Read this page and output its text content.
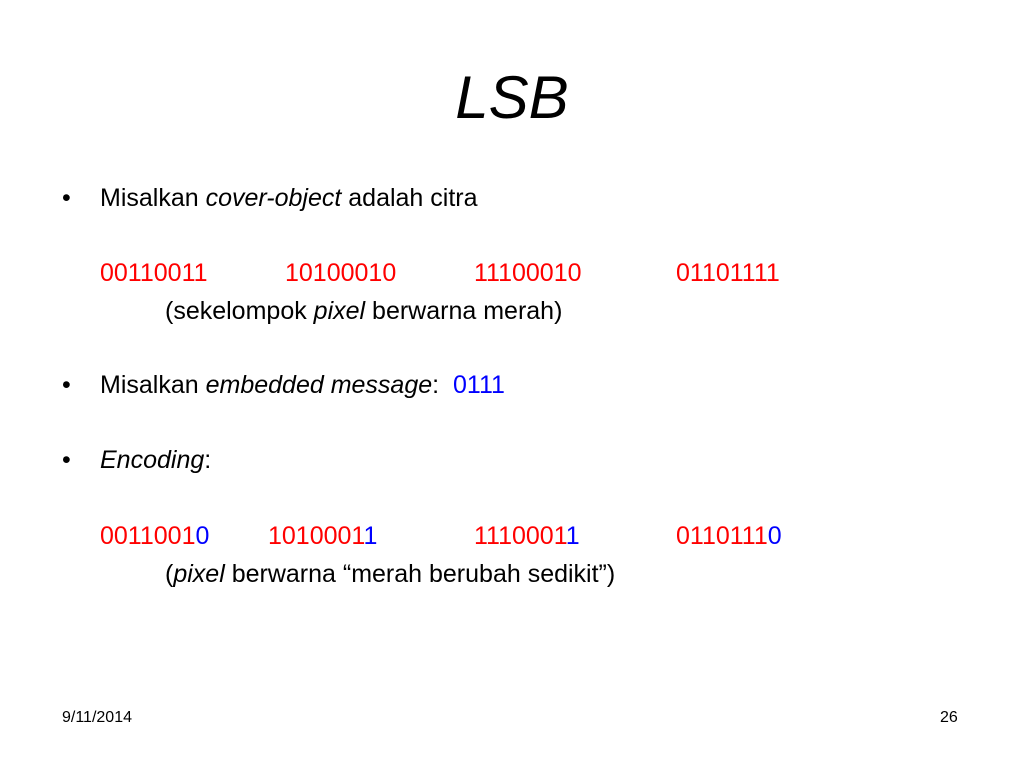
LSB
• Misalkan cover-object adalah citra
00110011	10100010	11100010	01101111
(sekelompok pixel berwarna merah)
• Misalkan embedded message: 0111
• Encoding:
00110010 10100011	11100011	01101110
(pixel berwarna “merah berubah sedikit”)
9/11/2014	26
